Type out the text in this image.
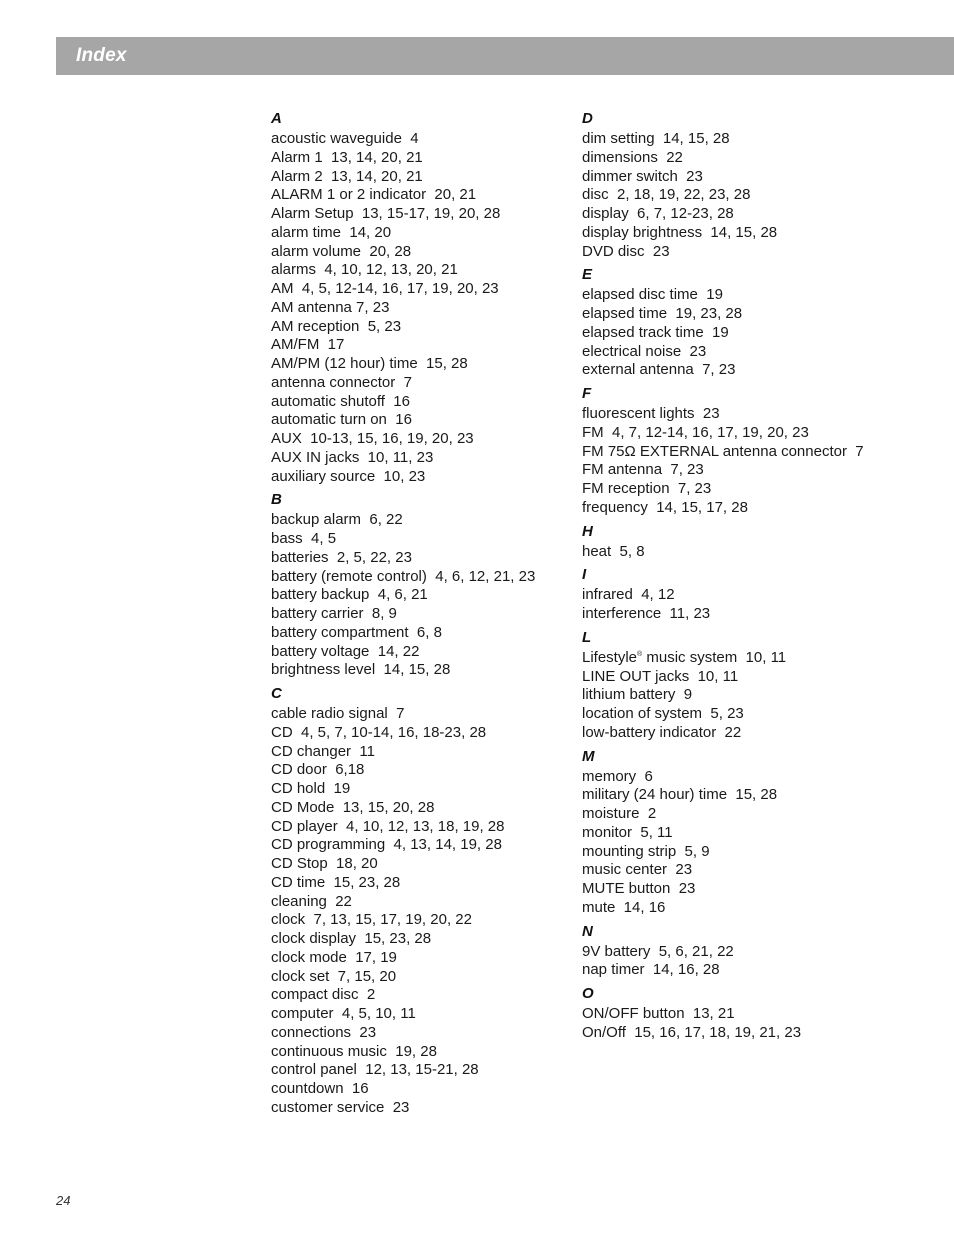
Index
A
acoustic waveguide  4
Alarm 1  13, 14, 20, 21
Alarm 2  13, 14, 20, 21
ALARM 1 or 2 indicator  20, 21
Alarm Setup  13, 15-17, 19, 20, 28
alarm time  14, 20
alarm volume  20, 28
alarms  4, 10, 12, 13, 20, 21
AM  4, 5, 12-14, 16, 17, 19, 20, 23
AM antenna 7, 23
AM reception  5, 23
AM/FM  17
AM/PM (12 hour) time  15, 28
antenna connector  7
automatic shutoff  16
automatic turn on  16
AUX  10-13, 15, 16, 19, 20, 23
AUX IN jacks  10, 11, 23
auxiliary source  10, 23
B
backup alarm  6, 22
bass  4, 5
batteries  2, 5, 22, 23
battery (remote control)  4, 6, 12, 21, 23
battery backup  4, 6, 21
battery carrier  8, 9
battery compartment  6, 8
battery voltage  14, 22
brightness level  14, 15, 28
C
cable radio signal  7
CD  4, 5, 7, 10-14, 16, 18-23, 28
CD changer  11
CD door  6,18
CD hold  19
CD Mode  13, 15, 20, 28
CD player  4, 10, 12, 13, 18, 19, 28
CD programming  4, 13, 14, 19, 28
CD Stop  18, 20
CD time  15, 23, 28
cleaning  22
clock  7, 13, 15, 17, 19, 20, 22
clock display  15, 23, 28
clock mode  17, 19
clock set  7, 15, 20
compact disc  2
computer  4, 5, 10, 11
connections  23
continuous music  19, 28
control panel  12, 13, 15-21, 28
countdown  16
customer service  23
D
dim setting  14, 15, 28
dimensions  22
dimmer switch  23
disc  2, 18, 19, 22, 23, 28
display  6, 7, 12-23, 28
display brightness  14, 15, 28
DVD disc  23
E
elapsed disc time  19
elapsed time  19, 23, 28
elapsed track time  19
electrical noise  23
external antenna  7, 23
F
fluorescent lights  23
FM  4, 7, 12-14, 16, 17, 19, 20, 23
FM 75Ω EXTERNAL antenna connector  7
FM antenna  7, 23
FM reception  7, 23
frequency  14, 15, 17, 28
H
heat  5, 8
I
infrared  4, 12
interference  11, 23
L
Lifestyle® music system  10, 11
LINE OUT jacks  10, 11
lithium battery  9
location of system  5, 23
low-battery indicator  22
M
memory  6
military (24 hour) time  15, 28
moisture  2
monitor  5, 11
mounting strip  5, 9
music center  23
MUTE button  23
mute  14, 16
N
9V battery  5, 6, 21, 22
nap timer  14, 16, 28
O
ON/OFF button  13, 21
On/Off  15, 16, 17, 18, 19, 21, 23
24
